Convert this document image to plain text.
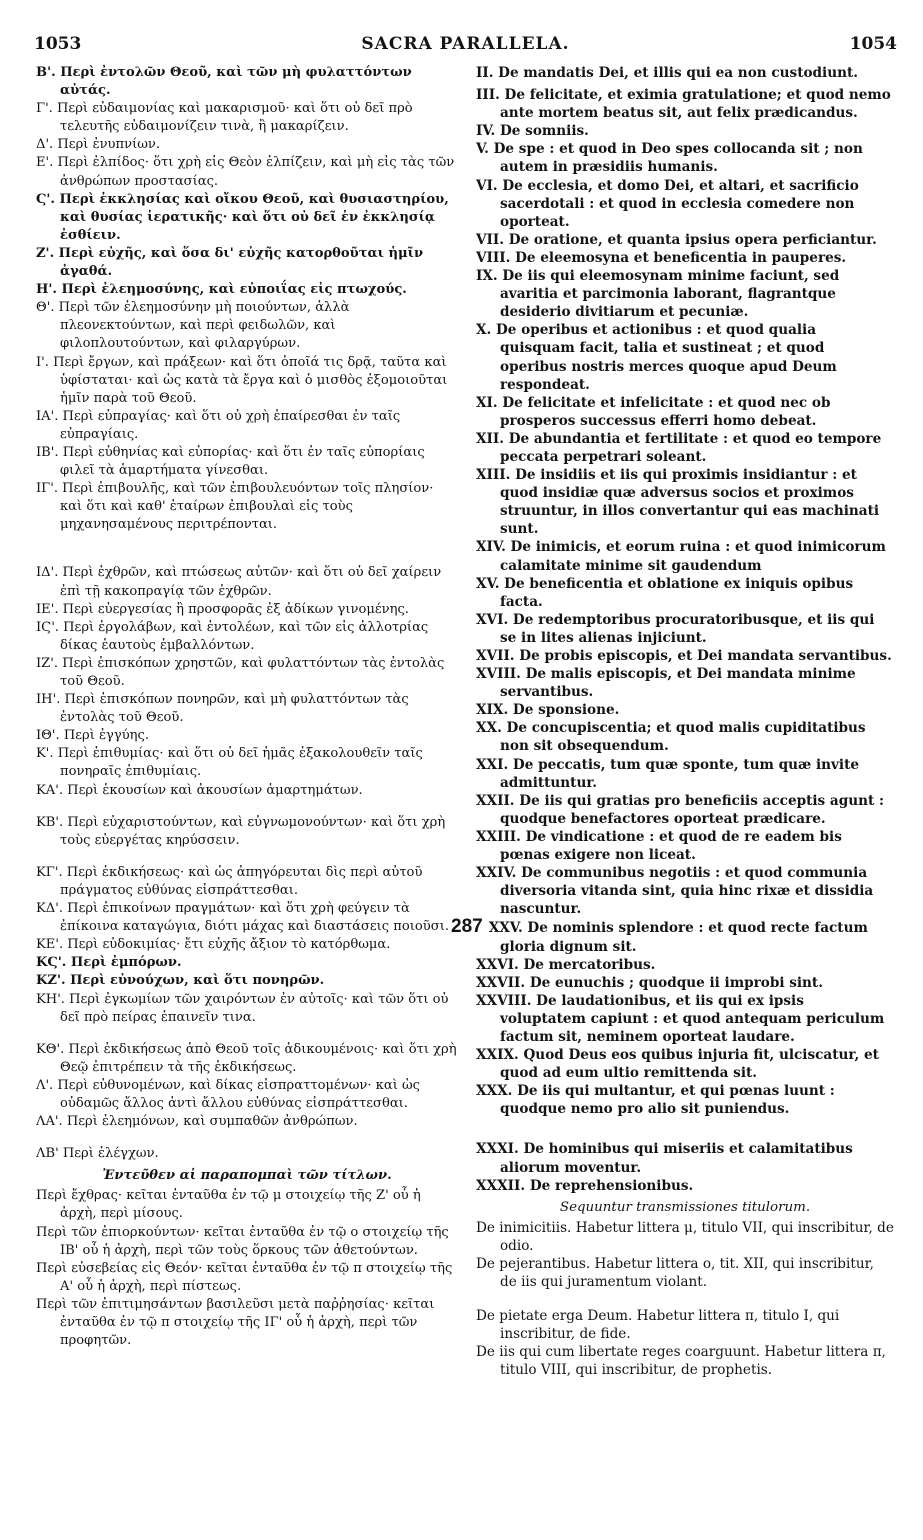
1053	SACRA PARALLELA.	1054
Β'. Περὶ ἐντολῶν Θεοῦ, καὶ τῶν μὴ φυλαττόντων αὐτάς.
Γ'. Περὶ εὐδαιμονίας καὶ μακαρισμοῦ· καὶ ὅτι οὐ δεῖ πρὸ τελευτῆς εὐδαιμονίζειν τινὰ, ἢ μακαρίζειν.
Δ'. Περὶ ἐνυπνίων.
Ε'. Περὶ ἐλπίδος· ὅτι χρὴ εἰς Θεὸν ἐλπίζειν, καὶ μὴ εἰς τὰς τῶν ἀνθρώπων προστασίας.
Ϛ'. Περὶ ἐκκλησίας καὶ οἴκου Θεοῦ, καὶ θυσιαστηρίου, καὶ θυσίας ἱερατικῆς· καὶ ὅτι οὐ δεῖ ἐν ἐκκλησίᾳ ἐσθίειν.
Ζ'. Περὶ εὐχῆς, καὶ ὅσα δι' εὐχῆς κατορθοῦται ἡμῖν ἀγαθά.
Η'. Περὶ ἐλεημοσύνης, καὶ εὐποιΐας εἰς πτωχούς.
Θ'. Περὶ τῶν ἐλεημοσύνην μὴ ποιούντων, ἀλλὰ πλεονεκτούντων, καὶ περὶ φειδωλῶν, καὶ φιλοπλουτούντων, καὶ φιλαργύρων.
Ι'. Περὶ ἔργων, καὶ πράξεων· καὶ ὅτι ὁποῖά τις δρᾷ, ταῦτα καὶ ὑφίσταται· καὶ ὡς κατὰ τὰ ἔργα καὶ ὁ μισθὸς ἐξομοιοῦται ἡμῖν παρὰ τοῦ Θεοῦ.
ΙΑ'. Περὶ εὐπραγίας· καὶ ὅτι οὐ χρὴ ἐπαίρεσθαι ἐν ταῖς εὐπραγίαις.
ΙΒ'. Περὶ εὐθηνίας καὶ εὐπορίας· καὶ ὅτι ἐν ταῖς εὐπορίαις φιλεῖ τὰ ἁμαρτήματα γίνεσθαι.
ΙΓ'. Περὶ ἐπιβουλῆς, καὶ τῶν ἐπιβουλευόντων τοῖς πλησίον· καὶ ὅτι καὶ καθ' ἑταίρων ἐπιβουλαὶ εἰς τοὺς μηχανησαμένους περιτρέπονται.
ΙΔ'. Περὶ ἐχθρῶν, καὶ πτώσεως αὐτῶν· καὶ ὅτι οὐ δεῖ χαίρειν ἐπὶ τῇ κακοπραγίᾳ τῶν ἐχθρῶν.
ΙΕ'. Περὶ εὐεργεσίας ἢ προσφορᾶς ἐξ ἀδίκων γινομένης.
ΙϚ'. Περὶ ἐργολάβων, καὶ ἐντολέων, καὶ τῶν εἰς ἀλλοτρίας δίκας ἑαυτοὺς ἐμβαλλόντων.
ΙΖ'. Περὶ ἐπισκόπων χρηστῶν, καὶ φυλαττόντων τὰς ἐντολὰς τοῦ Θεοῦ.
ΙΗ'. Περὶ ἐπισκόπων πονηρῶν, καὶ μὴ φυλαττόντων τὰς ἐντολὰς τοῦ Θεοῦ.
ΙΘ'. Περὶ ἐγγύης.
Κ'. Περὶ ἐπιθυμίας· καὶ ὅτι οὐ δεῖ ἡμᾶς ἐξακολουθεῖν ταῖς πονηραῖς ἐπιθυμίαις.
ΚΑ'. Περὶ ἑκουσίων καὶ ἀκουσίων ἁμαρτημάτων.
ΚΒ'. Περὶ εὐχαριστούντων, καὶ εὐγνωμονούντων· καὶ ὅτι χρὴ τοὺς εὐεργέτας κηρύσσειν.
ΚΓ'. Περὶ ἐκδικήσεως· καὶ ὡς ἀπηγόρευται δὶς περὶ αὐτοῦ πράγματος εὐθύνας εἰσπράττεσθαι.
ΚΔ'. Περὶ ἐπικοίνων πραγμάτων· καὶ ὅτι χρὴ φεύγειν τὰ ἐπίκοινα καταγώγια, διότι μάχας καὶ διαστάσεις ποιοῦσι.
ΚΕ'. Περὶ εὐδοκιμίας· ἔτι εὐχῆς ἄξιον τὸ κατόρθωμα.
ΚϚ'. Περὶ ἐμπόρων.
ΚΖ'. Περὶ εὐνούχων, καὶ ὅτι πονηρῶν.
ΚΗ'. Περὶ ἐγκωμίων τῶν χαιρόντων ἐν αὐτοῖς· καὶ τῶν ὅτι οὐ δεῖ πρὸ πείρας ἐπαινεῖν τινα.
ΚΘ'. Περὶ ἐκδικήσεως ἀπὸ Θεοῦ τοῖς ἀδικουμένοις· καὶ ὅτι χρὴ Θεῷ ἐπιτρέπειν τὰ τῆς ἐκδικήσεως.
Λ'. Περὶ εὐθυνομένων, καὶ δίκας εἰσπραττομένων· καὶ ὡς οὐδαμῶς ἄλλος ἀντὶ ἄλλου εὐθύνας εἰσπράττεσθαι.
ΛΑ'. Περὶ ἐλεημόνων, καὶ συμπαθῶν ἀνθρώπων.
ΛΒ' Περὶ ἐλέγχων.
Ἐντεῦθεν αἱ παραπομπαὶ τῶν τίτλων.
Περὶ ἔχθρας· κεῖται ἐνταῦθα ἐν τῷ μ στοιχείῳ τῆς Ζ' οὗ ἡ ἀρχὴ, περὶ μίσους.
Περὶ τῶν ἐπιορκούντων· κεῖται ἐνταῦθα ἐν τῷ ο στοιχείῳ τῆς ΙΒ' οὗ ἡ ἀρχὴ, περὶ τῶν τοὺς ὅρκους τῶν ἀθετούντων.
Περὶ εὐσεβείας εἰς Θεόν· κεῖται ἐνταῦθα ἐν τῷ π στοιχείῳ τῆς Α' οὗ ἡ ἀρχὴ, περὶ πίστεως.
Περὶ τῶν ἐπιτιμησάντων βασιλεῦσι μετὰ παῤῥησίας· κεῖται ἐνταῦθα ἐν τῷ π στοιχείῳ τῆς ΙΓ' οὗ ἡ ἀρχὴ, περὶ τῶν προφητῶν.
II. De mandatis Dei, et illis qui ea non custodiunt.
III. De felicitate, et eximia gratulatione; et quod nemo ante mortem beatus sit, aut felix prædicandus.
IV. De somniis.
V. De spe : et quod in Deo spes collocanda sit ; non autem in præsidiis humanis.
VI. De ecclesia, et domo Dei, et altari, et sacrificio sacerdotali : et quod in ecclesia comedere non oporteat.
VII. De oratione, et quanta ipsius opera perficiantur.
VIII. De eleemosyna et beneficentia in pauperes.
IX. De iis qui eleemosynam minime faciunt, sed avaritia et parcimonia laborant, flagrantque desiderio divitiarum et pecuniæ.
X. De operibus et actionibus : et quod qualia quisquam facit, talia et sustineat ; et quod operibus nostris merces quoque apud Deum respondeat.
XI. De felicitate et infelicitate : et quod nec ob prosperos successus efferri homo debeat.
XII. De abundantia et fertilitate : et quod eo tempore peccata perpetrari soleant.
XIII. De insidiis et iis qui proximis insidiantur : et quod insidiæ quæ adversus socios et proximos struuntur, in illos convertantur qui eas machinati sunt.
XIV. De inimicis, et eorum ruina : et quod inimicorum calamitate minime sit gaudendum
XV. De beneficentia et oblatione ex iniquis opibus facta.
XVI. De redemptoribus procuratoribusque, et iis qui se in lites alienas injiciunt.
XVII. De probis episcopis, et Dei mandata servantibus.
XVIII. De malis episcopis, et Dei mandata minime servantibus.
XIX. De sponsione.
XX. De concupiscentia; et quod malis cupiditatibus non sit obsequendum.
XXI. De peccatis, tum quæ sponte, tum quæ invite admittuntur.
XXII. De iis qui gratias pro beneficiis acceptis agunt : quodque benefactores oporteat prædicare.
XXIII. De vindicatione : et quod de re eadem bis pœnas exigere non liceat.
XXIV. De communibus negotiis : et quod communia diversoria vitanda sint, quia hinc rixæ et dissidia nascuntur.
287 XXV. De nominis splendore : et quod recte factum gloria dignum sit.
XXVI. De mercatoribus.
XXVII. De eunuchis ; quodque ii improbi sint.
XXVIII. De laudationibus, et iis qui ex ipsis voluptatem capiunt : et quod antequam periculum factum sit, neminem oporteat laudare.
XXIX. Quod Deus eos quibus injuria fit, ulciscatur, et quod ad eum ultio remittenda sit.
XXX. De iis qui multantur, et qui pœnas luunt : quodque nemo pro alio sit puniendus.
XXXI. De hominibus qui miseriis et calamitatibus aliorum moventur.
XXXII. De reprehensionibus.
Sequuntur transmissiones titulorum.
De inimicitiis. Habetur littera μ, titulo VII, qui inscribitur, de odio.
De pejerantibus. Habetur littera ο, tit. XII, qui inscribitur, de iis qui juramentum violant.
De pietate erga Deum. Habetur littera π, titulo I, qui inscribitur, de fide.
De iis qui cum libertate reges coarguunt. Habetur littera π, titulo VIII, qui inscribitur, de prophetis.
